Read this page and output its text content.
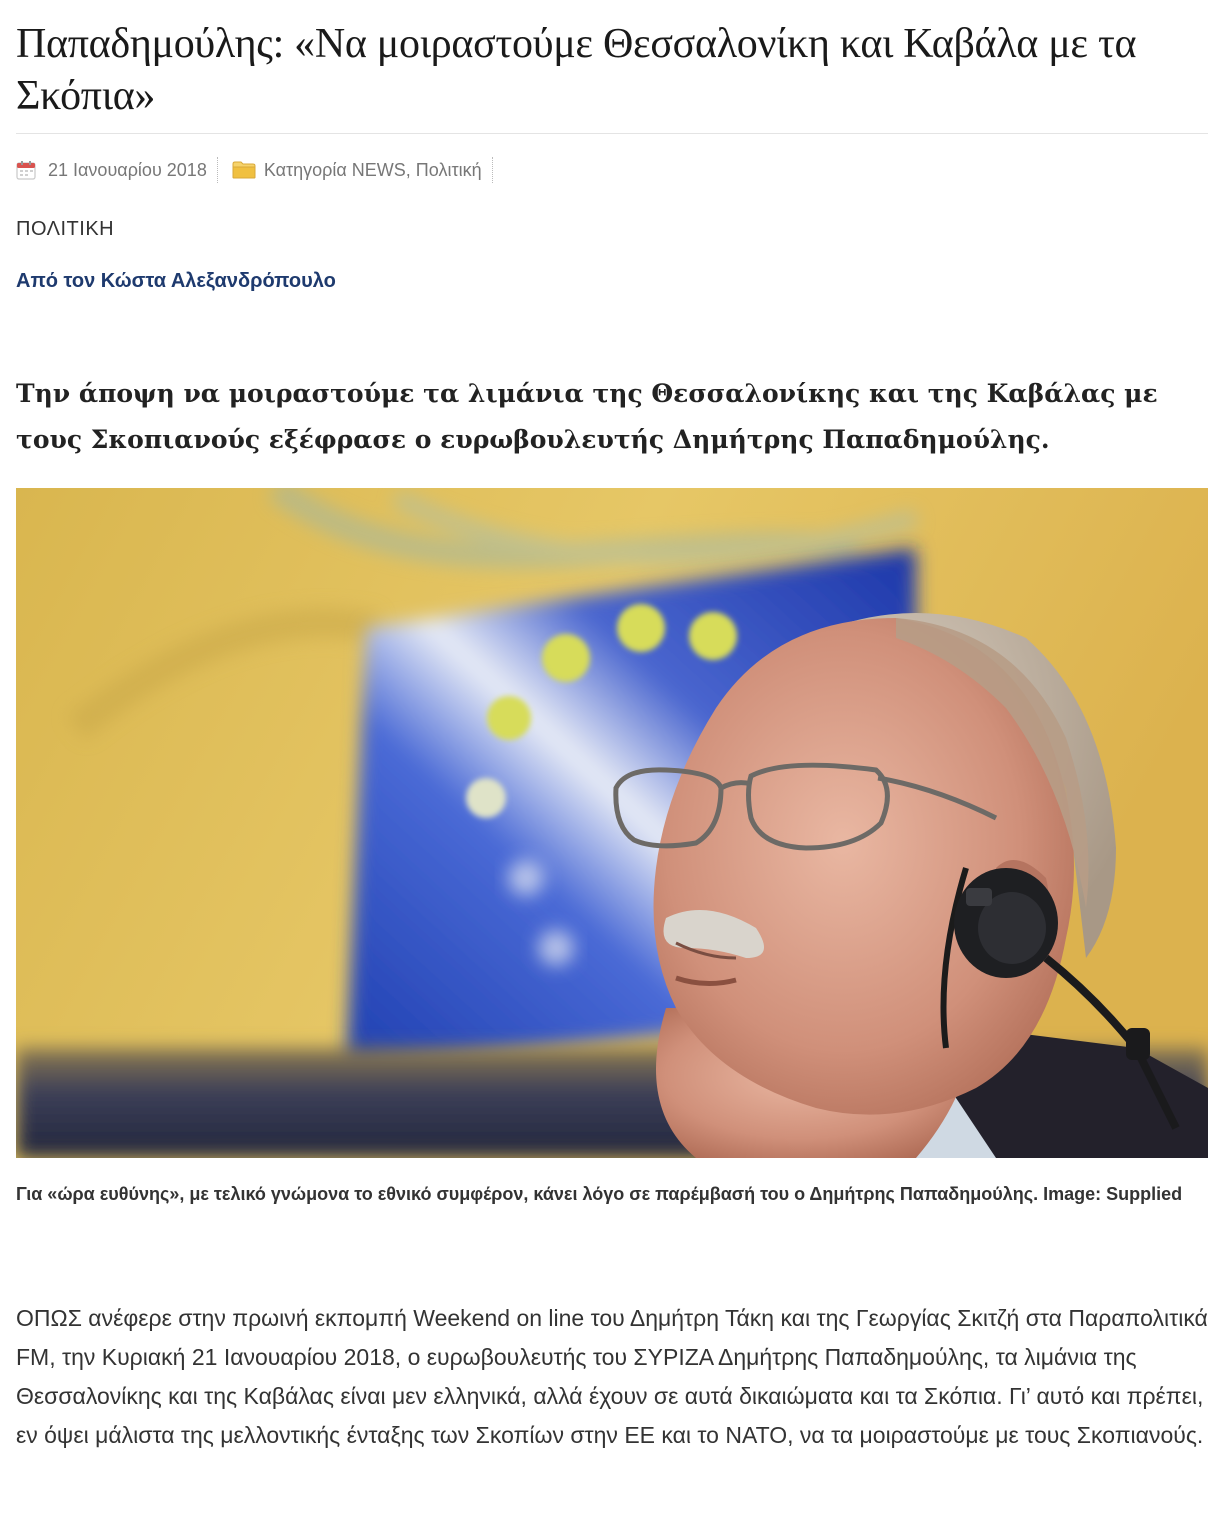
Παπαδημούλης: «Να μοιραστούμε Θεσσαλονίκη και Καβάλα με τα Σκόπια»
21 Ιανουαρίου 2018	Κατηγορία NEWS, Πολιτική
ΠΟΛΙΤΙΚΗ
Από τον Κώστα Αλεξανδρόπουλο

Την άποψη να μοιραστούμε τα λιμάνια της Θεσσαλονίκης και της Καβάλας με τους Σκοπιανούς εξέφρασε ο ευρωβουλευτής Δημήτρης Παπαδημούλης.

Για «ώρα ευθύνης», με τελικό γνώμονα το εθνικό συμφέρον, κάνει λόγο σε παρέμβασή του ο Δημήτρης Παπαδημούλης. Image: Supplied

ΟΠΩΣ ανέφερε στην πρωινή εκπομπή Weekend on line του Δημήτρη Τάκη και της Γεωργίας Σκιτζή στα Παραπολιτικά FM, την Κυριακή 21 Ιανουαρίου 2018, ο ευρωβουλευτής του ΣΥΡΙΖΑ Δημήτρης Παπαδημούλης, τα λιμάνια της Θεσσαλονίκης και της Καβάλας είναι μεν ελληνικά, αλλά έχουν σε αυτά δικαιώματα και τα Σκόπια. Γι’ αυτό και πρέπει, εν όψει μάλιστα της μελλοντικής ένταξης των Σκοπίων στην ΕΕ και το ΝΑΤΟ, να τα μοιραστούμε με τους Σκοπιανούς.
